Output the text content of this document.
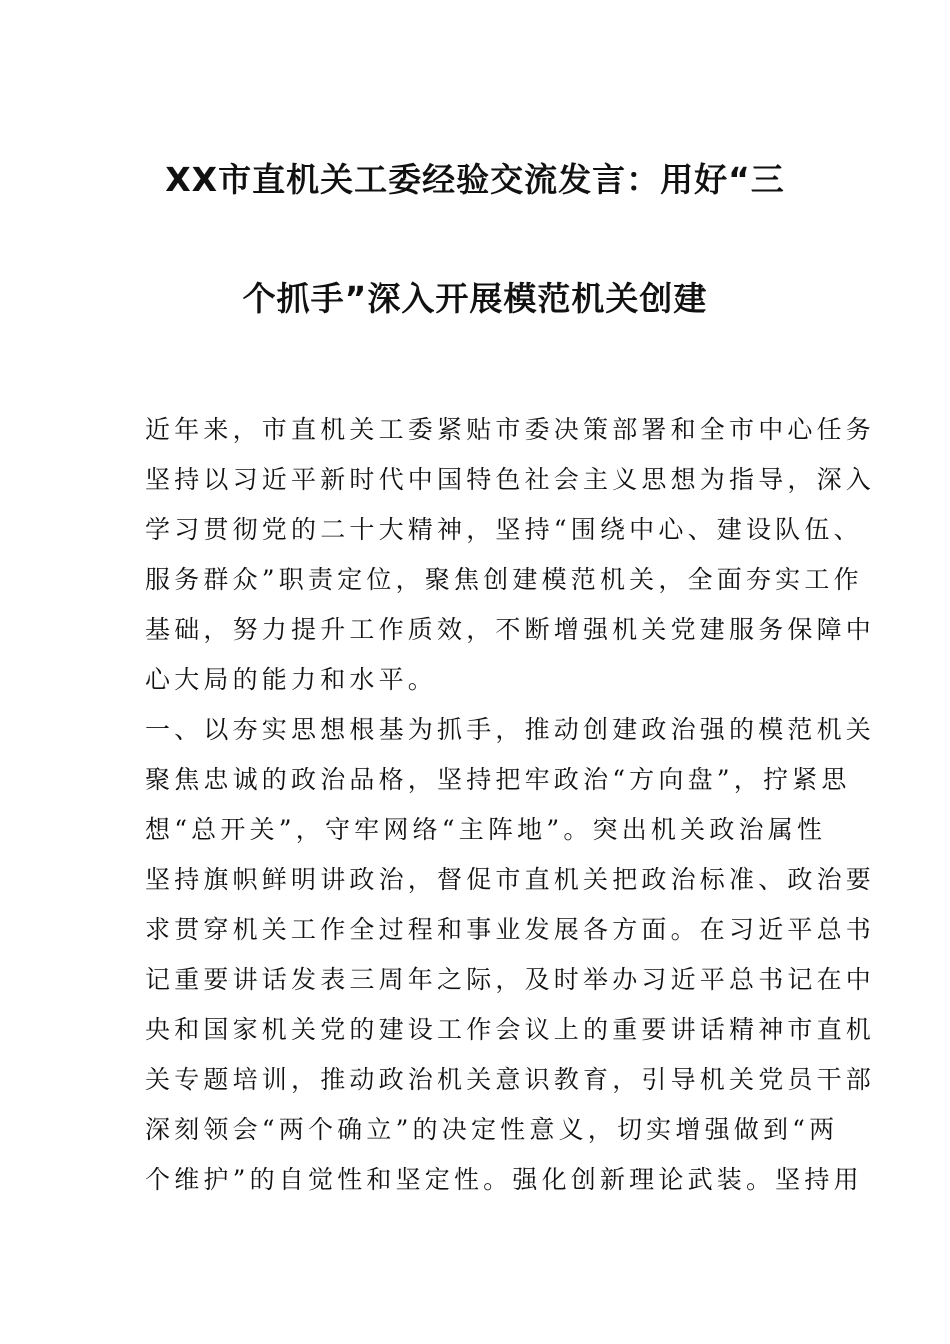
XX市直机关工委经验交流发言：用好“三
个抓手”深入开展模范机关创建
近年来，市直机关工委紧贴市委决策部署和全市中心任务
坚持以习近平新时代中国特色社会主义思想为指导，深入
学习贯彻党的二十大精神，坚持“围绕中心、建设队伍、
服务群众”职责定位，聚焦创建模范机关，全面夯实工作
基础，努力提升工作质效，不断增强机关党建服务保障中
心大局的能力和水平。
一、以夯实思想根基为抓手，推动创建政治强的模范机关
聚焦忠诚的政治品格，坚持把牢政治“方向盘”，拧紧思
想“总开关”，守牢网络“主阵地”。突出机关政治属性
坚持旗帜鲜明讲政治，督促市直机关把政治标准、政治要
求贯穿机关工作全过程和事业发展各方面。在习近平总书
记重要讲话发表三周年之际，及时举办习近平总书记在中
央和国家机关党的建设工作会议上的重要讲话精神市直机
关专题培训，推动政治机关意识教育，引导机关党员干部
深刻领会“两个确立”的决定性意义，切实增强做到“两
个维护”的自觉性和坚定性。强化创新理论武装。坚持用
